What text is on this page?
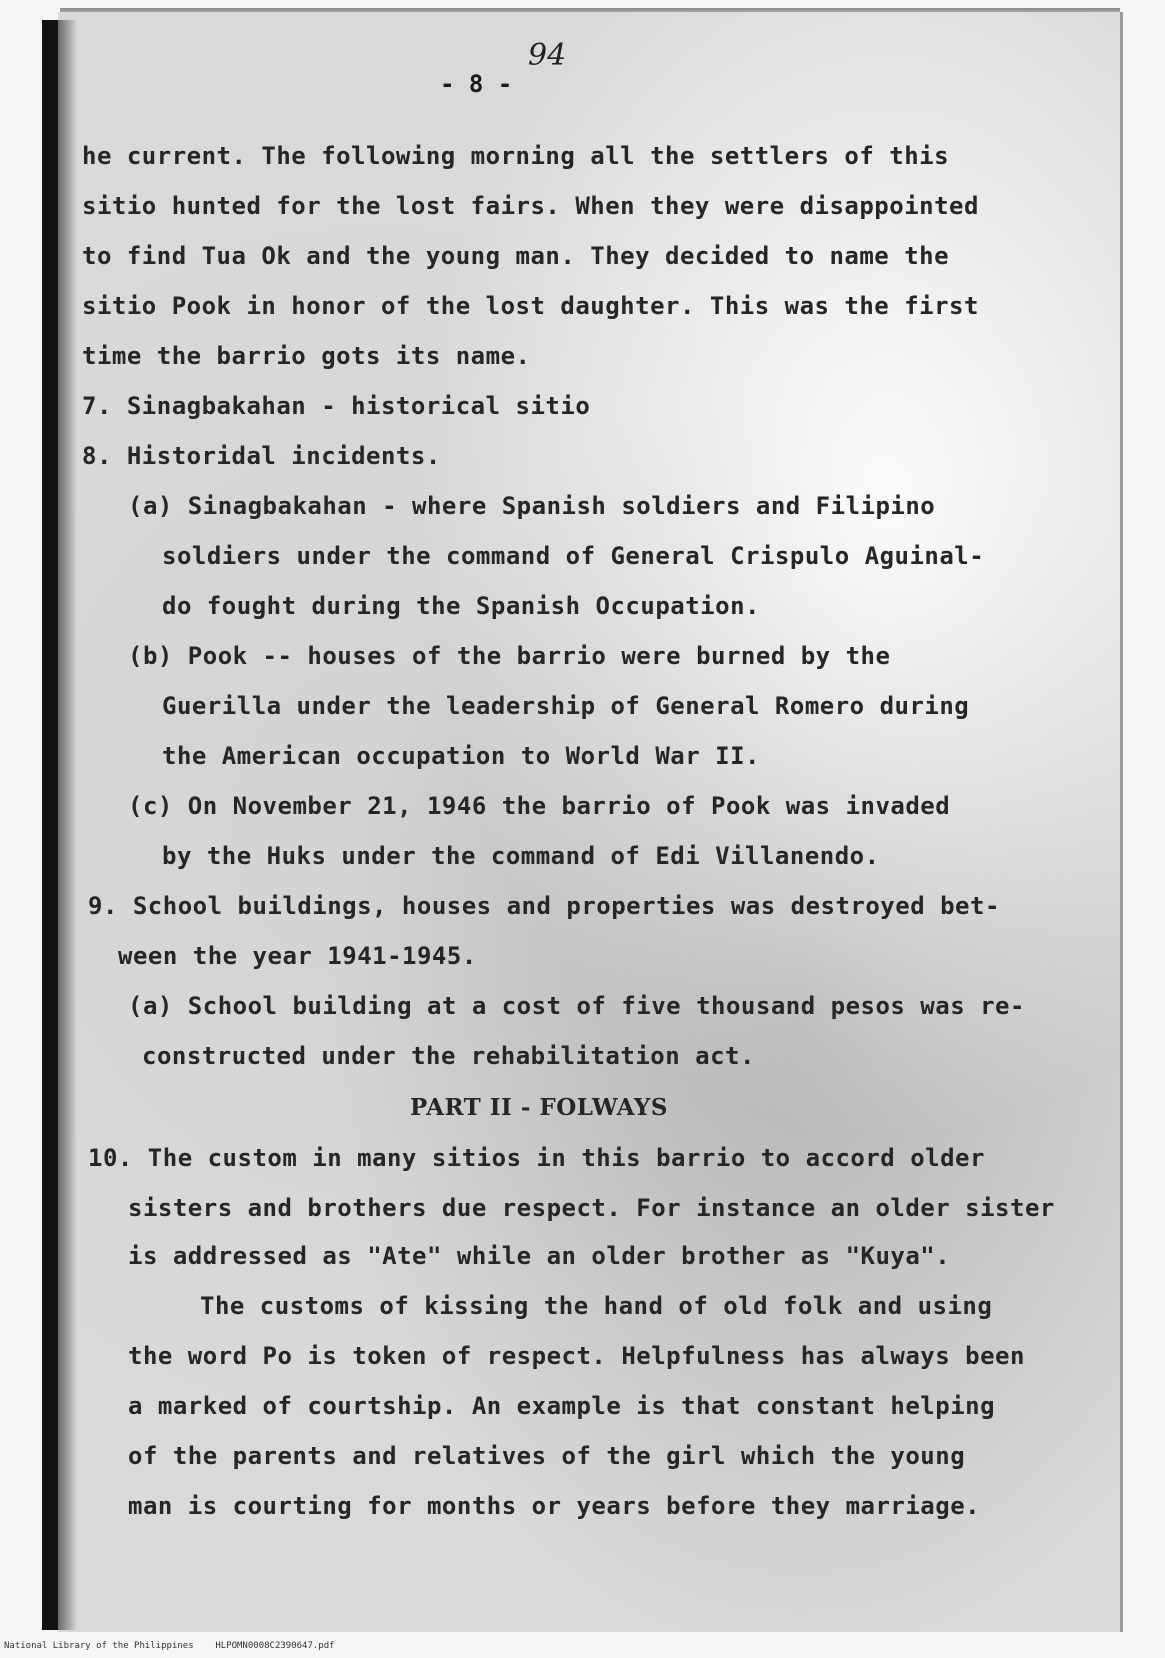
94
- 8 -
he current. The following morning all the settlers of this
sitio hunted for the lost fairs. When they were disappointed
to find Tua Ok and the young man. They decided to name the
sitio Pook in honor of the lost daughter. This was the first
time the barrio gots its name.
7. Sinagbakahan - historical sitio
8. Historidal incidents.
(a) Sinagbakahan - where Spanish soldiers and Filipino
soldiers under the command of General Crispulo Aguinal-
do fought during the Spanish Occupation.
(b) Pook -- houses of the barrio were burned by the
Guerilla under the leadership of General Romero during
the American occupation to World War II.
(c) On November 21, 1946 the barrio of Pook was invaded
by the Huks under the command of Edi Villanendo.
9. School buildings, houses and properties was destroyed bet-
ween the year 1941-1945.
(a) School building at a cost of five thousand pesos was re-
constructed under the rehabilitation act.
PART II - FOLWAYS
10. The custom in many sitios in this barrio to accord older
sisters and brothers due respect. For instance an older sister
is addressed as "Ate" while an older brother as "Kuya".
The customs of kissing the hand of old folk and using
the word Po is token of respect. Helpfulness has always been
a marked of courtship. An example is that constant helping
of the parents and relatives of the girl which the young
man is courting for months or years before they marriage.
National Library of the Philippines HLPOMN0008C2390647.pdf
